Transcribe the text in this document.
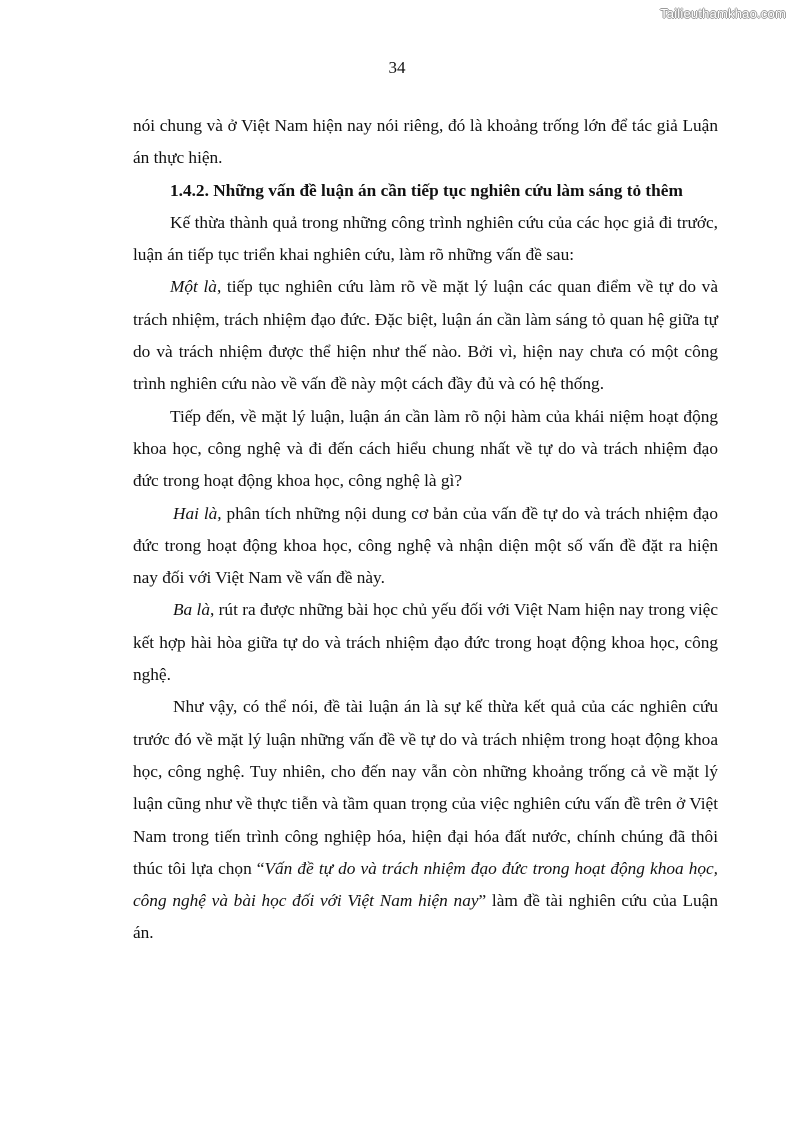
Tailieuthamkhao.com
34

nói chung và ở Việt Nam hiện nay nói riêng, đó là khoảng trống lớn để tác giả Luận án thực hiện.

1.4.2. Những vấn đề luận án cần tiếp tục nghiên cứu làm sáng tỏ thêm

Kế thừa thành quả trong những công trình nghiên cứu của các học giả đi trước, luận án tiếp tục triển khai nghiên cứu, làm rõ những vấn đề sau:

Một là, tiếp tục nghiên cứu làm rõ về mặt lý luận các quan điểm về tự do và trách nhiệm, trách nhiệm đạo đức. Đặc biệt, luận án cần làm sáng tỏ quan hệ giữa tự do và trách nhiệm được thể hiện như thế nào. Bởi vì, hiện nay chưa có một công trình nghiên cứu nào về vấn đề này một cách đầy đủ và có hệ thống.

Tiếp đến, về mặt lý luận, luận án cần làm rõ nội hàm của khái niệm hoạt động khoa học, công nghệ và đi đến cách hiểu chung nhất về tự do và trách nhiệm đạo đức trong hoạt động khoa học, công nghệ là gì?

Hai là, phân tích những nội dung cơ bản của vấn đề tự do và trách nhiệm đạo đức trong hoạt động khoa học, công nghệ và nhận diện một số vấn đề đặt ra hiện nay đối với Việt Nam về vấn đề này.

Ba là, rút ra được những bài học chủ yếu đối với Việt Nam hiện nay trong việc kết hợp hài hòa giữa tự do và trách nhiệm đạo đức trong hoạt động khoa học, công nghệ.

Như vậy, có thể nói, đề tài luận án là sự kế thừa kết quả của các nghiên cứu trước đó về mặt lý luận những vấn đề về tự do và trách nhiệm trong hoạt động khoa học, công nghệ. Tuy nhiên, cho đến nay vẫn còn những khoảng trống cả về mặt lý luận cũng như về thực tiễn và tầm quan trọng của việc nghiên cứu vấn đề trên ở Việt Nam trong tiến trình công nghiệp hóa, hiện đại hóa đất nước, chính chúng đã thôi thúc tôi lựa chọn “Vấn đề tự do và trách nhiệm đạo đức trong hoạt động khoa học, công nghệ và bài học đối với Việt Nam hiện nay” làm đề tài nghiên cứu của Luận án.
